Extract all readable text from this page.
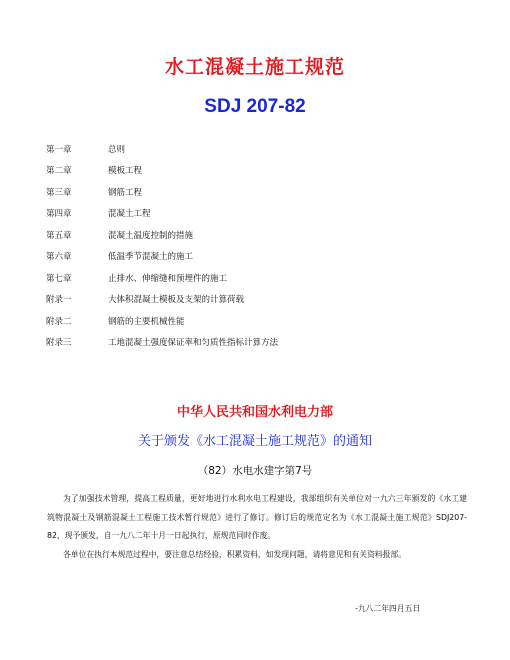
水工混凝土施工规范
SDJ 207-82
第一章	总则
第二章	模板工程
第三章	钢筋工程
第四章	混凝土工程
第五章	混凝土温度控制的措施
第六章	低温季节混凝土的施工
第七章	止排水、伸缩缝和预埋件的施工
附录一	大体积混凝土模板及支架的计算荷载
附录二	钢筋的主要机械性能
附录三	工地混凝土强度保证率和匀质性指标计算方法
中华人民共和国水利电力部
关于颁发《水工混凝土施工规范》的通知
（82）水电水建字第7号

为了加强技术管理，提高工程质量，更好地进行水利水电工程建设，我部组织有关单位对一九六三年颁发的《水工建筑物混凝土及钢筋混凝土工程施工技术暂行规范》进行了修订。修订后的规范定名为《水工混凝土施工规范》SDJ207-82，现予颁发，自一九八二年十月一日起执行，原规范同时作废。

各单位在执行本规范过程中，要注意总结经验，积累资料，如发现问题，请将意见和有关资料报部。

-九八二年四月五日
